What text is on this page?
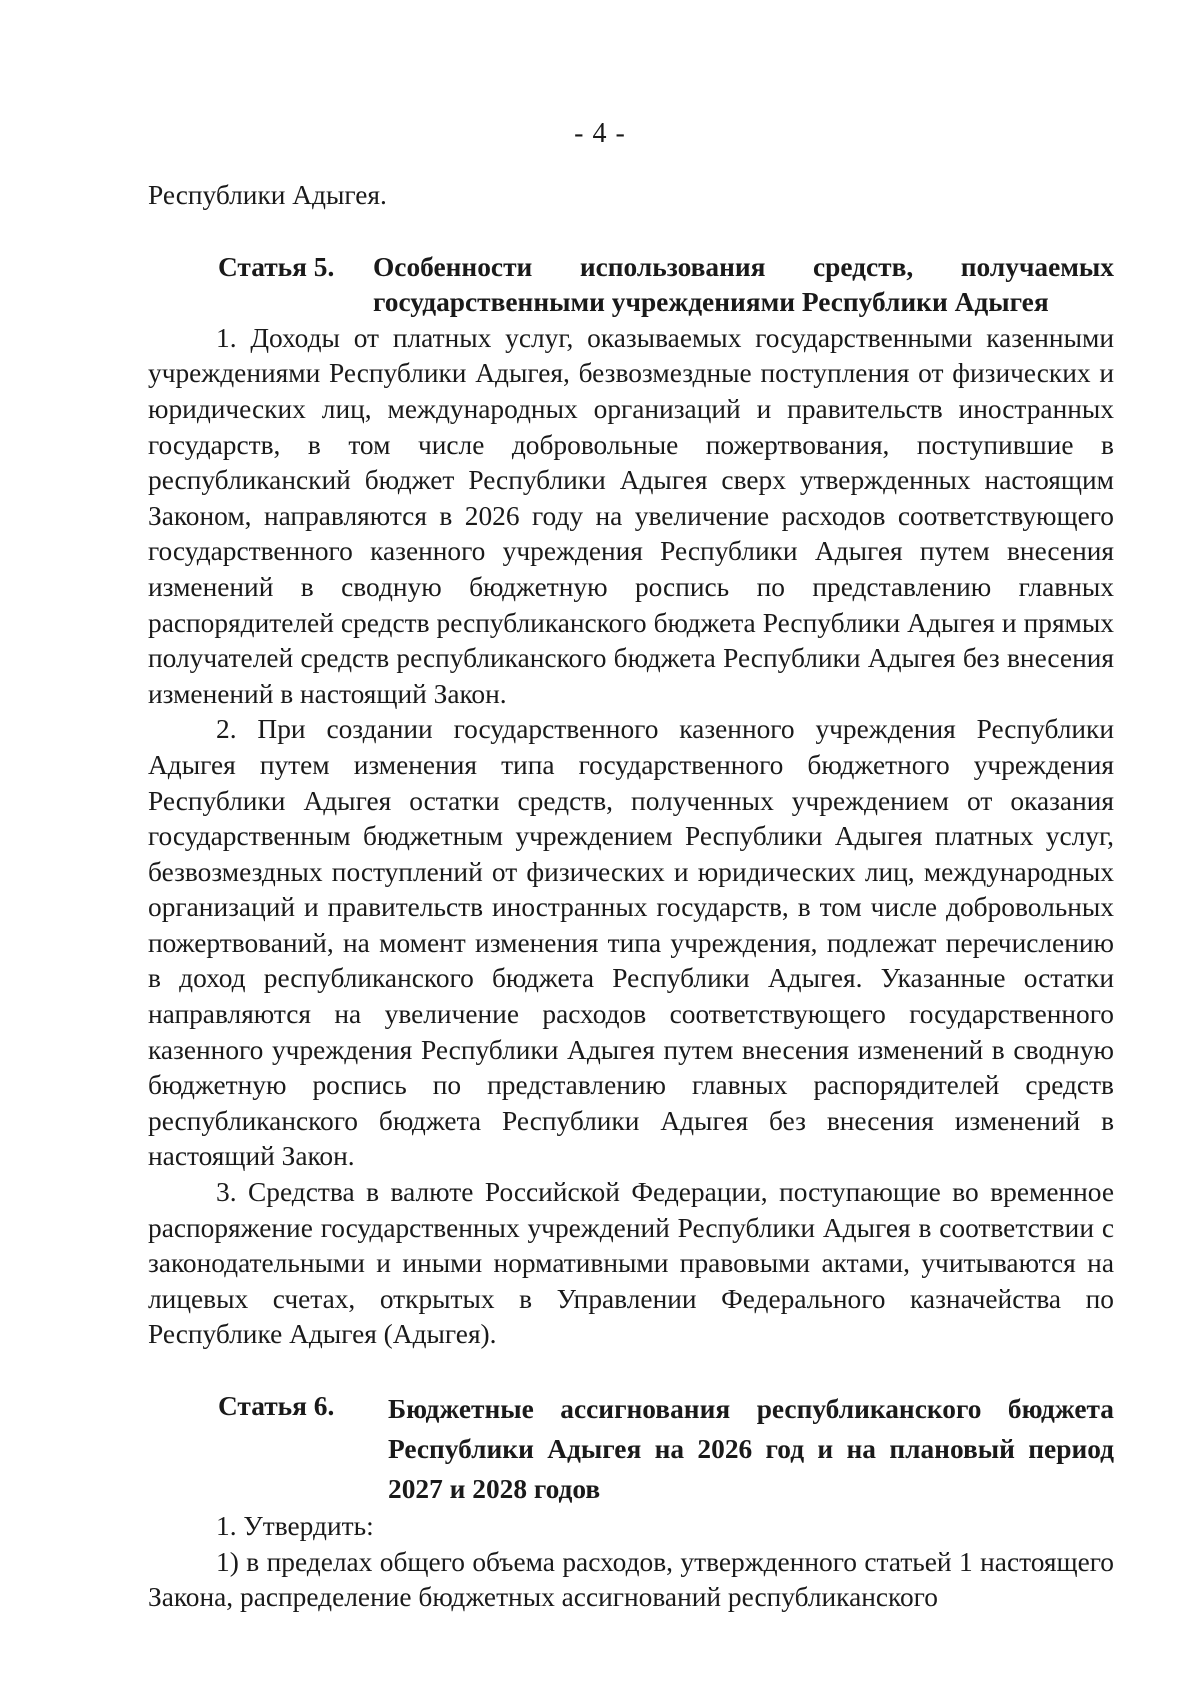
- 4 -

Республики Адыгея.

Статья 5.	Особенности использования средств, получаемых государственными учреждениями Республики Адыгея

1. Доходы от платных услуг, оказываемых государственными казенными учреждениями Республики Адыгея, безвозмездные поступления от физических и юридических лиц, международных организаций и правительств иностранных государств, в том числе добровольные пожертвования, поступившие в республиканский бюджет Республики Адыгея сверх утвержденных настоящим Законом, направляются в 2026 году на увеличение расходов соответствующего государственного казенного учреждения Республики Адыгея путем внесения изменений в сводную бюджетную роспись по представлению главных распорядителей средств республиканского бюджета Республики Адыгея и прямых получателей средств республиканского бюджета Республики Адыгея без внесения изменений в настоящий Закон.

2. При создании государственного казенного учреждения Республики Адыгея путем изменения типа государственного бюджетного учреждения Республики Адыгея остатки средств, полученных учреждением от оказания государственным бюджетным учреждением Республики Адыгея платных услуг, безвозмездных поступлений от физических и юридических лиц, международных организаций и правительств иностранных государств, в том числе добровольных пожертвований, на момент изменения типа учреждения, подлежат перечислению в доход республиканского бюджета Республики Адыгея. Указанные остатки направляются на увеличение расходов соответствующего государственного казенного учреждения Республики Адыгея путем внесения изменений в сводную бюджетную роспись по представлению главных распорядителей средств республиканского бюджета Республики Адыгея без внесения изменений в настоящий Закон.

3. Средства в валюте Российской Федерации, поступающие во временное распоряжение государственных учреждений Республики Адыгея в соответствии с законодательными и иными нормативными правовыми актами, учитываются на лицевых счетах, открытых в Управлении Федерального казначейства по Республике Адыгея (Адыгея).

Статья 6.	Бюджетные ассигнования республиканского бюджета Республики Адыгея на 2026 год и на плановый период 2027 и 2028 годов

1. Утвердить:

1) в пределах общего объема расходов, утвержденного статьей 1 настоящего Закона, распределение бюджетных ассигнований республиканского
